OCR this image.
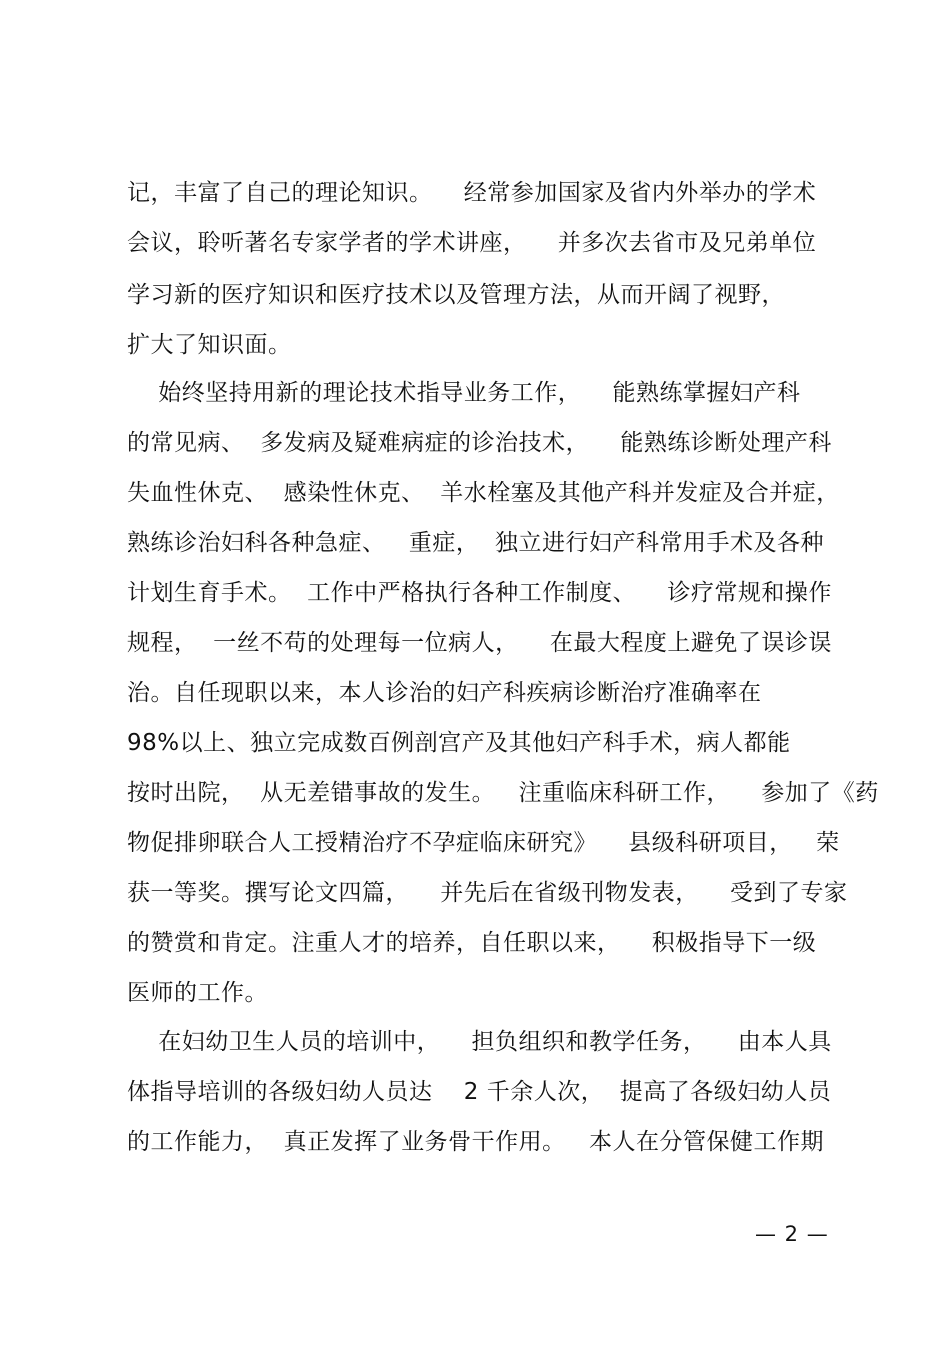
记，丰富了自己的理论知识。    经常参加国家及省内外举办的学术
会议，聆听著名专家学者的学术讲座，    并多次去省市及兄弟单位
学习新的医疗知识和医疗技术以及管理方法，从而开阔了视野，
扩大了知识面。
始终坚持用新的理论技术指导业务工作，    能熟练掌握妇产科
的常见病、  多发病及疑难病症的诊治技术，    能熟练诊断处理产科
失血性休克、  感染性休克、  羊水栓塞及其他产科并发症及合并症，
熟练诊治妇科各种急症、   重症，  独立进行妇产科常用手术及各种
计划生育手术。  工作中严格执行各种工作制度、    诊疗常规和操作
规程，  一丝不苟的处理每一位病人，    在最大程度上避免了误诊误
治。自任现职以来，本人诊治的妇产科疾病诊断治疗准确率在
98%以上、独立完成数百例剖宫产及其他妇产科手术，病人都能
按时出院，  从无差错事故的发生。   注重临床科研工作，    参加了《药
物促排卵联合人工授精治疗不孕症临床研究》    县级科研项目，   荣
获一等奖。撰写论文四篇，    并先后在省级刊物发表，    受到了专家
的赞赏和肯定。注重人才的培养，自任职以来，    积极指导下一级
医师的工作。
在妇幼卫生人员的培训中，    担负组织和教学任务，    由本人具
体指导培训的各级妇幼人员达    2 千余人次，  提高了各级妇幼人员
的工作能力，  真正发挥了业务骨干作用。   本人在分管保健工作期
— 2 —
